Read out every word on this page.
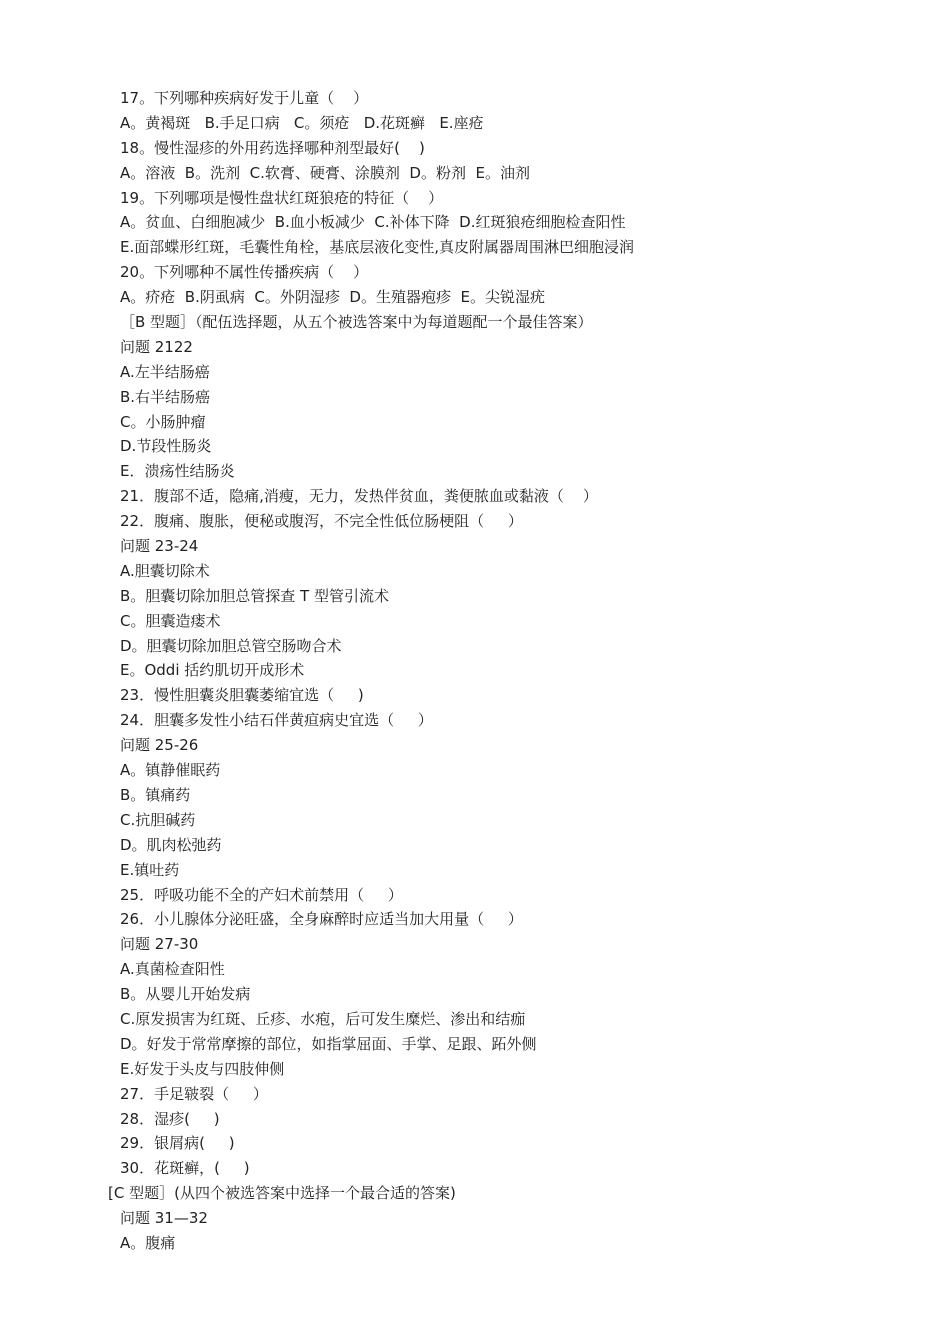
17。下列哪种疾病好发于儿童（    ）
A。黄褐斑   B.手足口病   C。须疮   D.花斑癣   E.座疮
18。慢性湿疹的外用药选择哪种剂型最好(    )
A。溶液  B。洗剂  C.软膏、硬膏、涂膜剂  D。粉剂  E。油剂
19。下列哪项是慢性盘状红斑狼疮的特征（    ）
A。贫血、白细胞减少  B.血小板减少  C.补体下降  D.红斑狼疮细胞检查阳性
E.面部蝶形红斑，毛囊性角栓，基底层液化变性,真皮附属器周围淋巴细胞浸润
20。下列哪种不属性传播疾病（    ）
A。疥疮  B.阴虱病  C。外阴湿疹  D。生殖器疱疹  E。尖锐湿疣
［B 型题］（配伍选择题，从五个被选答案中为每道题配一个最佳答案）
问题 2122
A.左半结肠癌
B.右半结肠癌
C。小肠肿瘤
D.节段性肠炎
E．溃疡性结肠炎
21．腹部不适，隐痛,消瘦，无力，发热伴贫血，粪便脓血或黏液（    ）
22．腹痛、腹胀，便秘或腹泻，不完全性低位肠梗阻（     ）
问题 23-24
A.胆囊切除术
B。胆囊切除加胆总管探查 T 型管引流术
C。胆囊造瘘术
D。胆囊切除加胆总管空肠吻合术
E。Oddi 括约肌切开成形术
23．慢性胆囊炎胆囊萎缩宜选（     )
24．胆囊多发性小结石伴黄疸病史宜选（     ）
问题 25-26
A。镇静催眠药
B。镇痛药
C.抗胆碱药
D。肌肉松弛药
E.镇吐药
25．呼吸功能不全的产妇术前禁用（     ）
26．小儿腺体分泌旺盛，全身麻醉时应适当加大用量（     ）
问题 27-30
A.真菌检查阳性
B。从婴儿开始发病
C.原发损害为红斑、丘疹、水疱，后可发生糜烂、渗出和结痂
D。好发于常常摩擦的部位，如指掌屈面、手掌、足跟、跖外侧
E.好发于头皮与四肢伸侧
27．手足皲裂（     ）
28．湿疹(     )
29．银屑病(     )
30．花斑癣，(     )
[C 型题］(从四个被选答案中选择一个最合适的答案)
问题 31—32
A。腹痛
